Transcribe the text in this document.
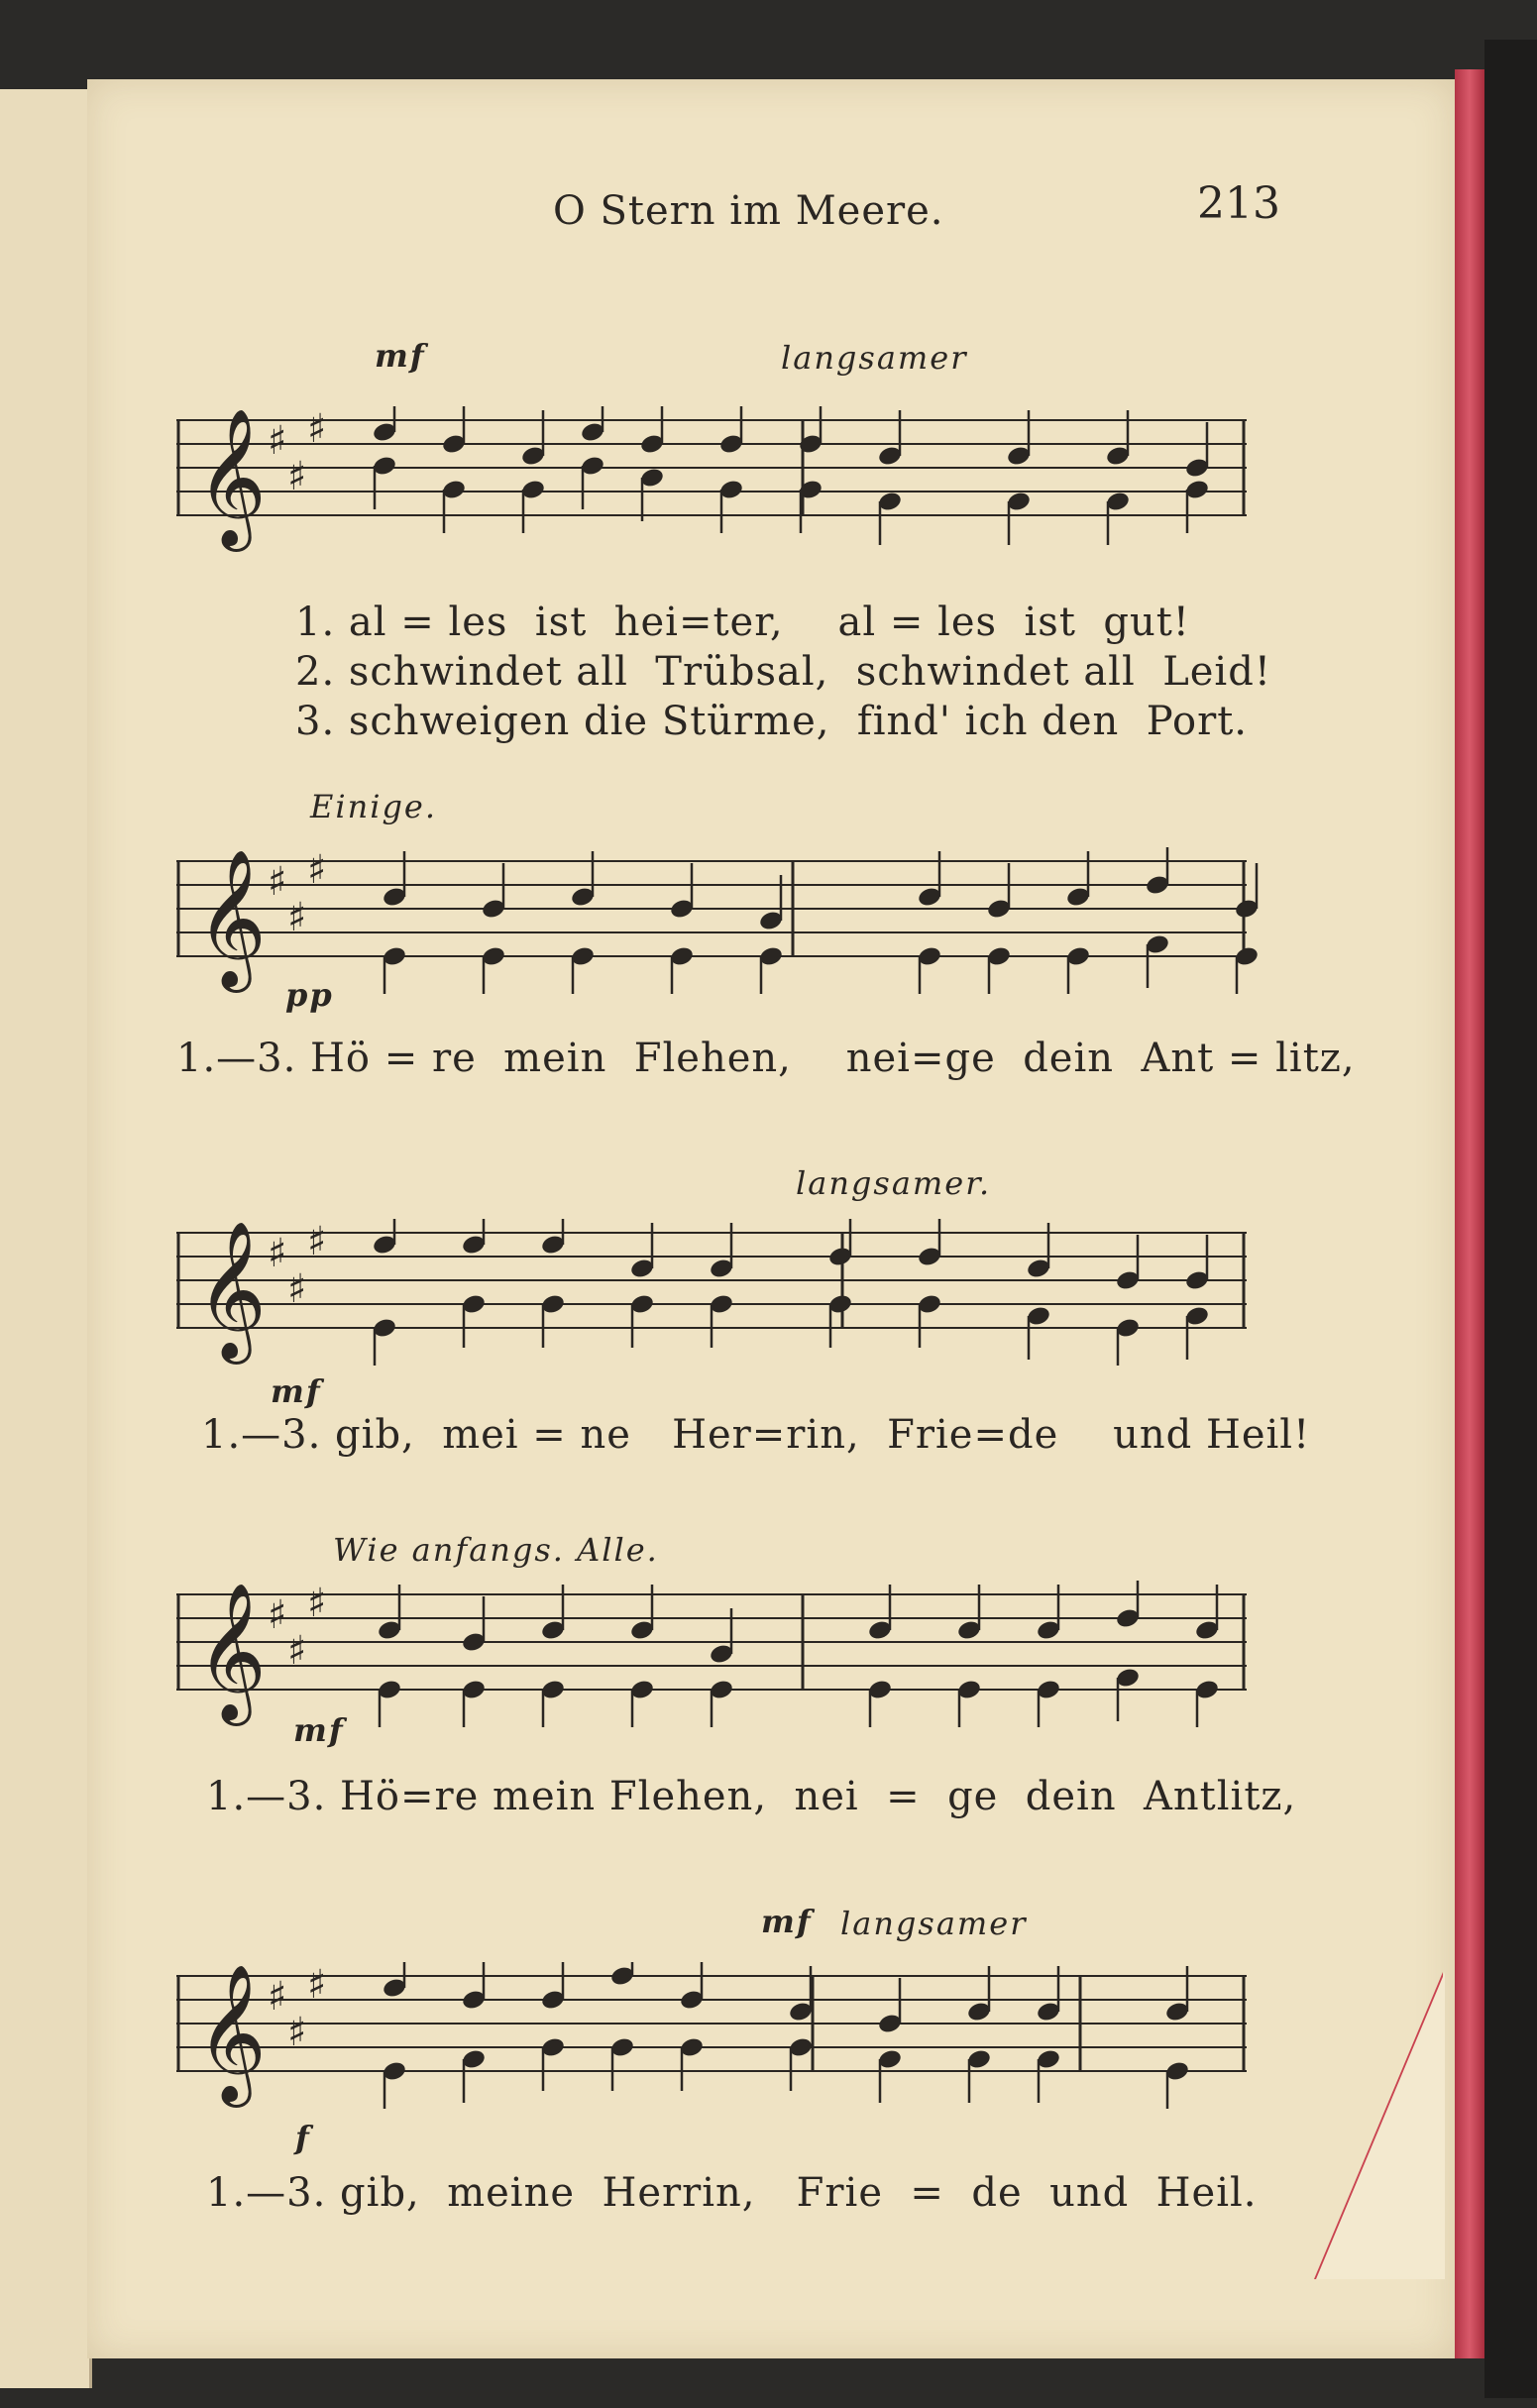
O Stern im Meere.	213
mf	langsamer
𝄞 ♯
♯
♯
1. al = les  ist  hei=ter,    al = les  ist  gut!
2. schwindet all  Trübsal,  schwindet all  Leid!
3. schweigen die Stürme,  find' ich den  Port.
Einige.
pp
𝄞 ♯
♯
♯
1.—3. Hö = re  mein  Flehen,    nei=ge  dein  Ant = litz,
langsamer.
mf
𝄞 ♯
♯
♯
1.—3. gib,  mei = ne   Her=rin,  Frie=de    und Heil!
Wie anfangs. Alle.
mf
𝄞 ♯
♯
♯
1.—3. Hö=re mein Flehen,  nei  =  ge  dein  Antlitz,
mf langsamer
f
𝄞 ♯
♯
♯
1.—3. gib,  meine  Herrin,   Frie  =  de  und  Heil.
